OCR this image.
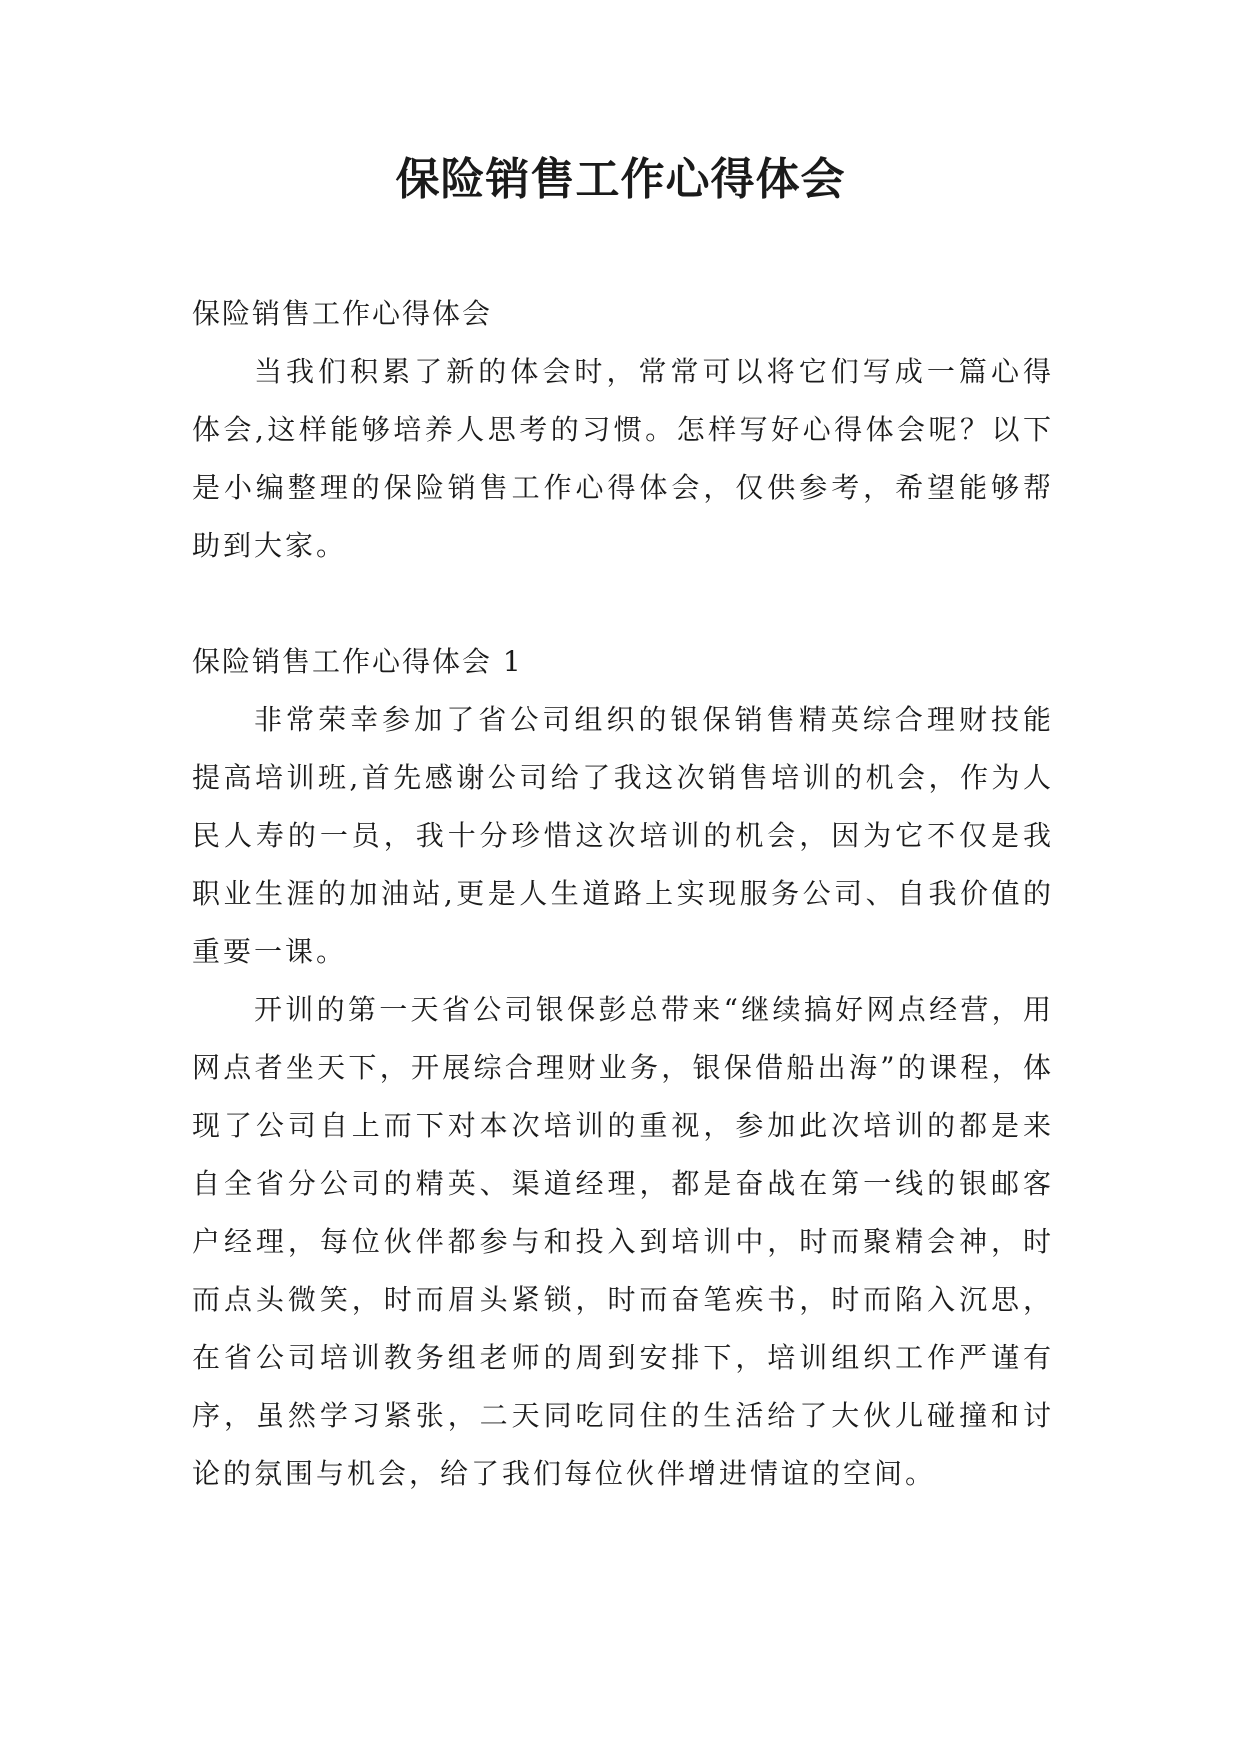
保险销售工作心得体会

保险销售工作心得体会

当我们积累了新的体会时，常常可以将它们写成一篇心得体会,这样能够培养人思考的习惯。怎样写好心得体会呢？以下是小编整理的保险销售工作心得体会，仅供参考，希望能够帮助到大家。

保险销售工作心得体会 1

非常荣幸参加了省公司组织的银保销售精英综合理财技能提高培训班,首先感谢公司给了我这次销售培训的机会，作为人民人寿的一员，我十分珍惜这次培训的机会，因为它不仅是我职业生涯的加油站,更是人生道路上实现服务公司、自我价值的重要一课。

开训的第一天省公司银保彭总带来“继续搞好网点经营，用网点者坐天下，开展综合理财业务，银保借船出海”的课程，体现了公司自上而下对本次培训的重视，参加此次培训的都是来自全省分公司的精英、渠道经理，都是奋战在第一线的银邮客户经理，每位伙伴都参与和投入到培训中，时而聚精会神，时而点头微笑，时而眉头紧锁，时而奋笔疾书，时而陷入沉思，在省公司培训教务组老师的周到安排下，培训组织工作严谨有序，虽然学习紧张，二天同吃同住的生活给了大伙儿碰撞和讨论的氛围与机会，给了我们每位伙伴增进情谊的空间。
